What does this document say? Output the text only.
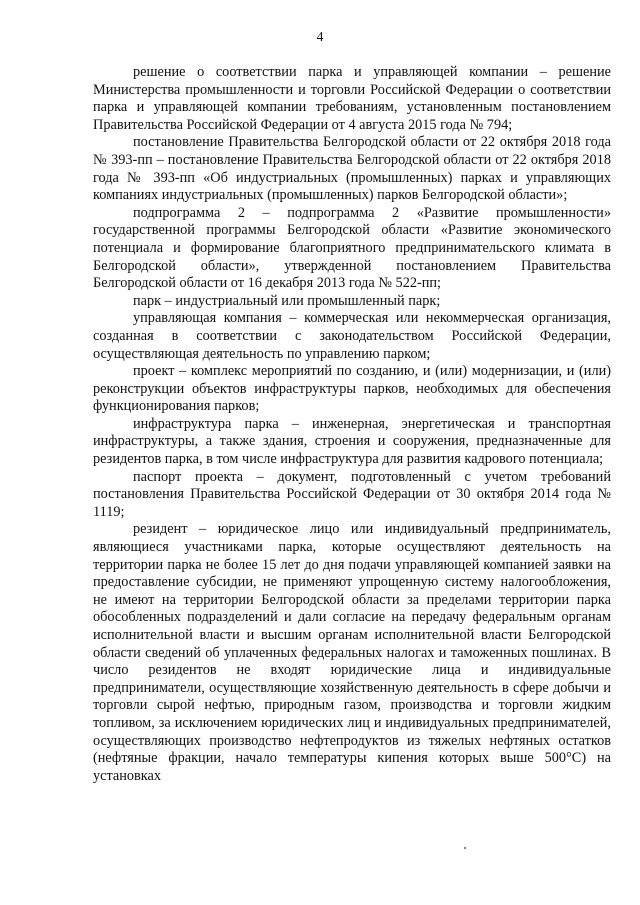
4

решение о соответствии парка и управляющей компании – решение Министерства промышленности и торговли Российской Федерации о соответствии парка и управляющей компании требованиям, установленным постановлением Правительства Российской Федерации от 4 августа 2015 года № 794;

постановление Правительства Белгородской области от 22 октября 2018 года № 393-пп – постановление Правительства Белгородской области от 22 октября 2018 года № 393-пп «Об индустриальных (промышленных) парках и управляющих компаниях индустриальных (промышленных) парков Белгородской области»;

подпрограмма 2 – подпрограмма 2 «Развитие промышленности» государственной программы Белгородской области «Развитие экономического потенциала и формирование благоприятного предпринимательского климата в Белгородской области», утвержденной постановлением Правительства Белгородской области от 16 декабря 2013 года № 522-пп;

парк – индустриальный или промышленный парк;

управляющая компания – коммерческая или некоммерческая организация, созданная в соответствии с законодательством Российской Федерации, осуществляющая деятельность по управлению парком;

проект – комплекс мероприятий по созданию, и (или) модернизации, и (или) реконструкции объектов инфраструктуры парков, необходимых для обеспечения функционирования парков;

инфраструктура парка – инженерная, энергетическая и транспортная инфраструктуры, а также здания, строения и сооружения, предназначенные для резидентов парка, в том числе инфраструктура для развития кадрового потенциала;

паспорт проекта – документ, подготовленный с учетом требований постановления Правительства Российской Федерации от 30 октября 2014 года № 1119;

резидент – юридическое лицо или индивидуальный предприниматель, являющиеся участниками парка, которые осуществляют деятельность на территории парка не более 15 лет до дня подачи управляющей компанией заявки на предоставление субсидии, не применяют упрощенную систему налогообложения, не имеют на территории Белгородской области за пределами территории парка обособленных подразделений и дали согласие на передачу федеральным органам исполнительной власти и высшим органам исполнительной власти Белгородской области сведений об уплаченных федеральных налогах и таможенных пошлинах. В число резидентов не входят юридические лица и индивидуальные предприниматели, осуществляющие хозяйственную деятельность в сфере добычи и торговли сырой нефтью, природным газом, производства и торговли жидким топливом, за исключением юридических лиц и индивидуальных предпринимателей, осуществляющих производство нефтепродуктов из тяжелых нефтяных остатков (нефтяные фракции, начало температуры кипения которых выше 500°С) на установках
